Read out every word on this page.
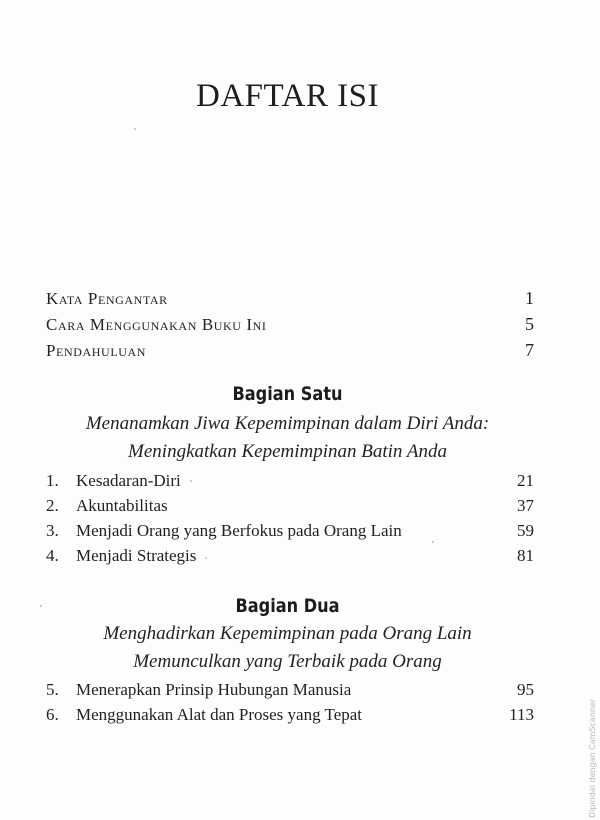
DAFTAR ISI
Kata Pengantar	1
Cara Menggunakan Buku Ini	5
Pendahuluan	7
Bagian Satu
Menanamkan Jiwa Kepemimpinan dalam Diri Anda:
Meningkatkan Kepemimpinan Batin Anda
1.	Kesadaran-Diri	21
2.	Akuntabilitas	37
3.	Menjadi Orang yang Berfokus pada Orang Lain	59
4.	Menjadi Strategis	81
Bagian Dua
Menghadirkan Kepemimpinan pada Orang Lain
Memunculkan yang Terbaik pada Orang
5.	Menerapkan Prinsip Hubungan Manusia	95
6.	Menggunakan Alat dan Proses yang Tepat	113	Dipindai dengan CamScanner
